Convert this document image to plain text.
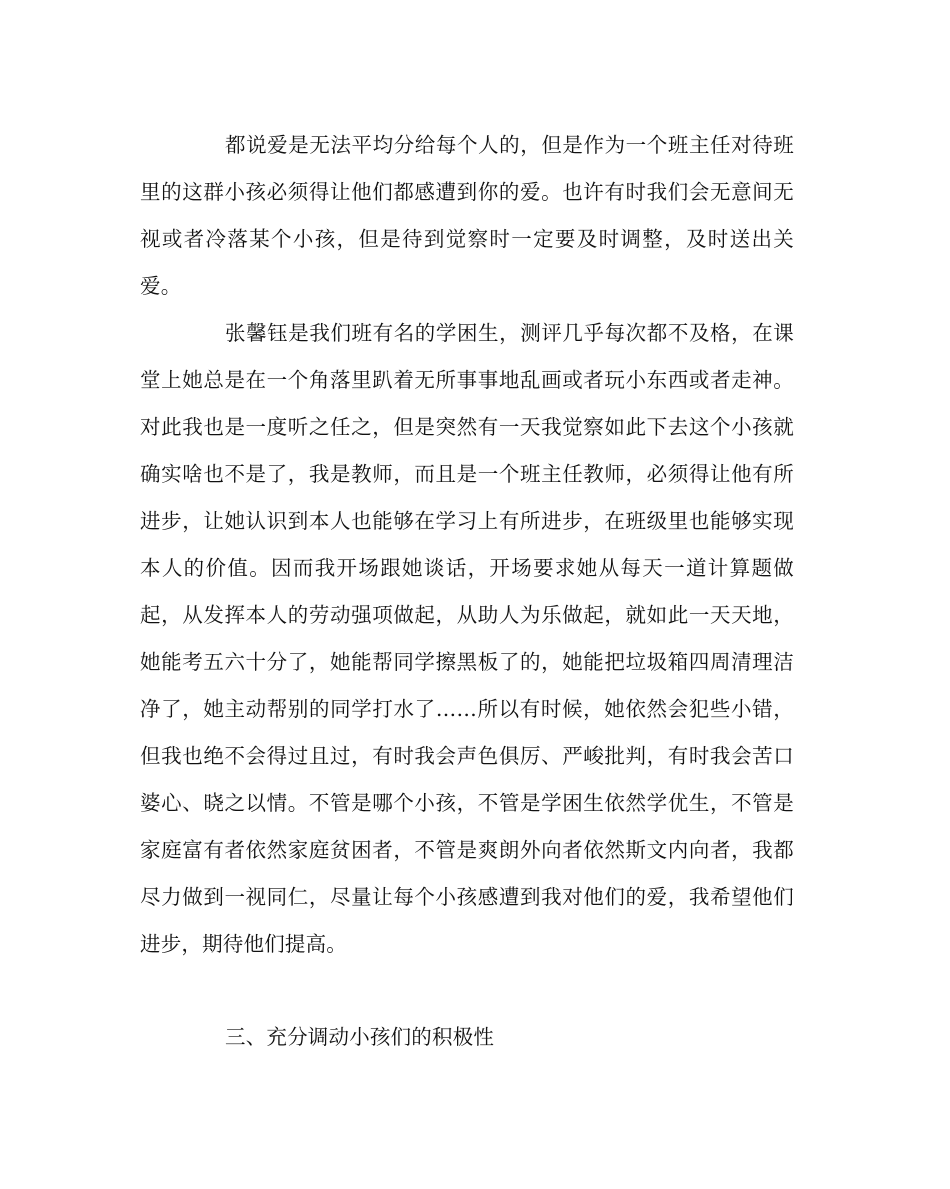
都说爱是无法平均分给每个人的，但是作为一个班主任对待班里的这群小孩必须得让他们都感遭到你的爱。也许有时我们会无意间无视或者冷落某个小孩，但是待到觉察时一定要及时调整，及时送出关爱。

张馨钰是我们班有名的学困生，测评几乎每次都不及格，在课堂上她总是在一个角落里趴着无所事事地乱画或者玩小东西或者走神。对此我也是一度听之任之，但是突然有一天我觉察如此下去这个小孩就确实啥也不是了，我是教师，而且是一个班主任教师，必须得让他有所进步，让她认识到本人也能够在学习上有所进步，在班级里也能够实现本人的价值。因而我开场跟她谈话，开场要求她从每天一道计算题做起，从发挥本人的劳动强项做起，从助人为乐做起，就如此一天天地，她能考五六十分了，她能帮同学擦黑板了的，她能把垃圾箱四周清理洁净了，她主动帮别的同学打水了……所以有时候，她依然会犯些小错，但我也绝不会得过且过，有时我会声色俱厉、严峻批判，有时我会苦口婆心、晓之以情。不管是哪个小孩，不管是学困生依然学优生，不管是家庭富有者依然家庭贫困者，不管是爽朗外向者依然斯文内向者，我都尽力做到一视同仁，尽量让每个小孩感遭到我对他们的爱，我希望他们进步，期待他们提高。

三、充分调动小孩们的积极性
